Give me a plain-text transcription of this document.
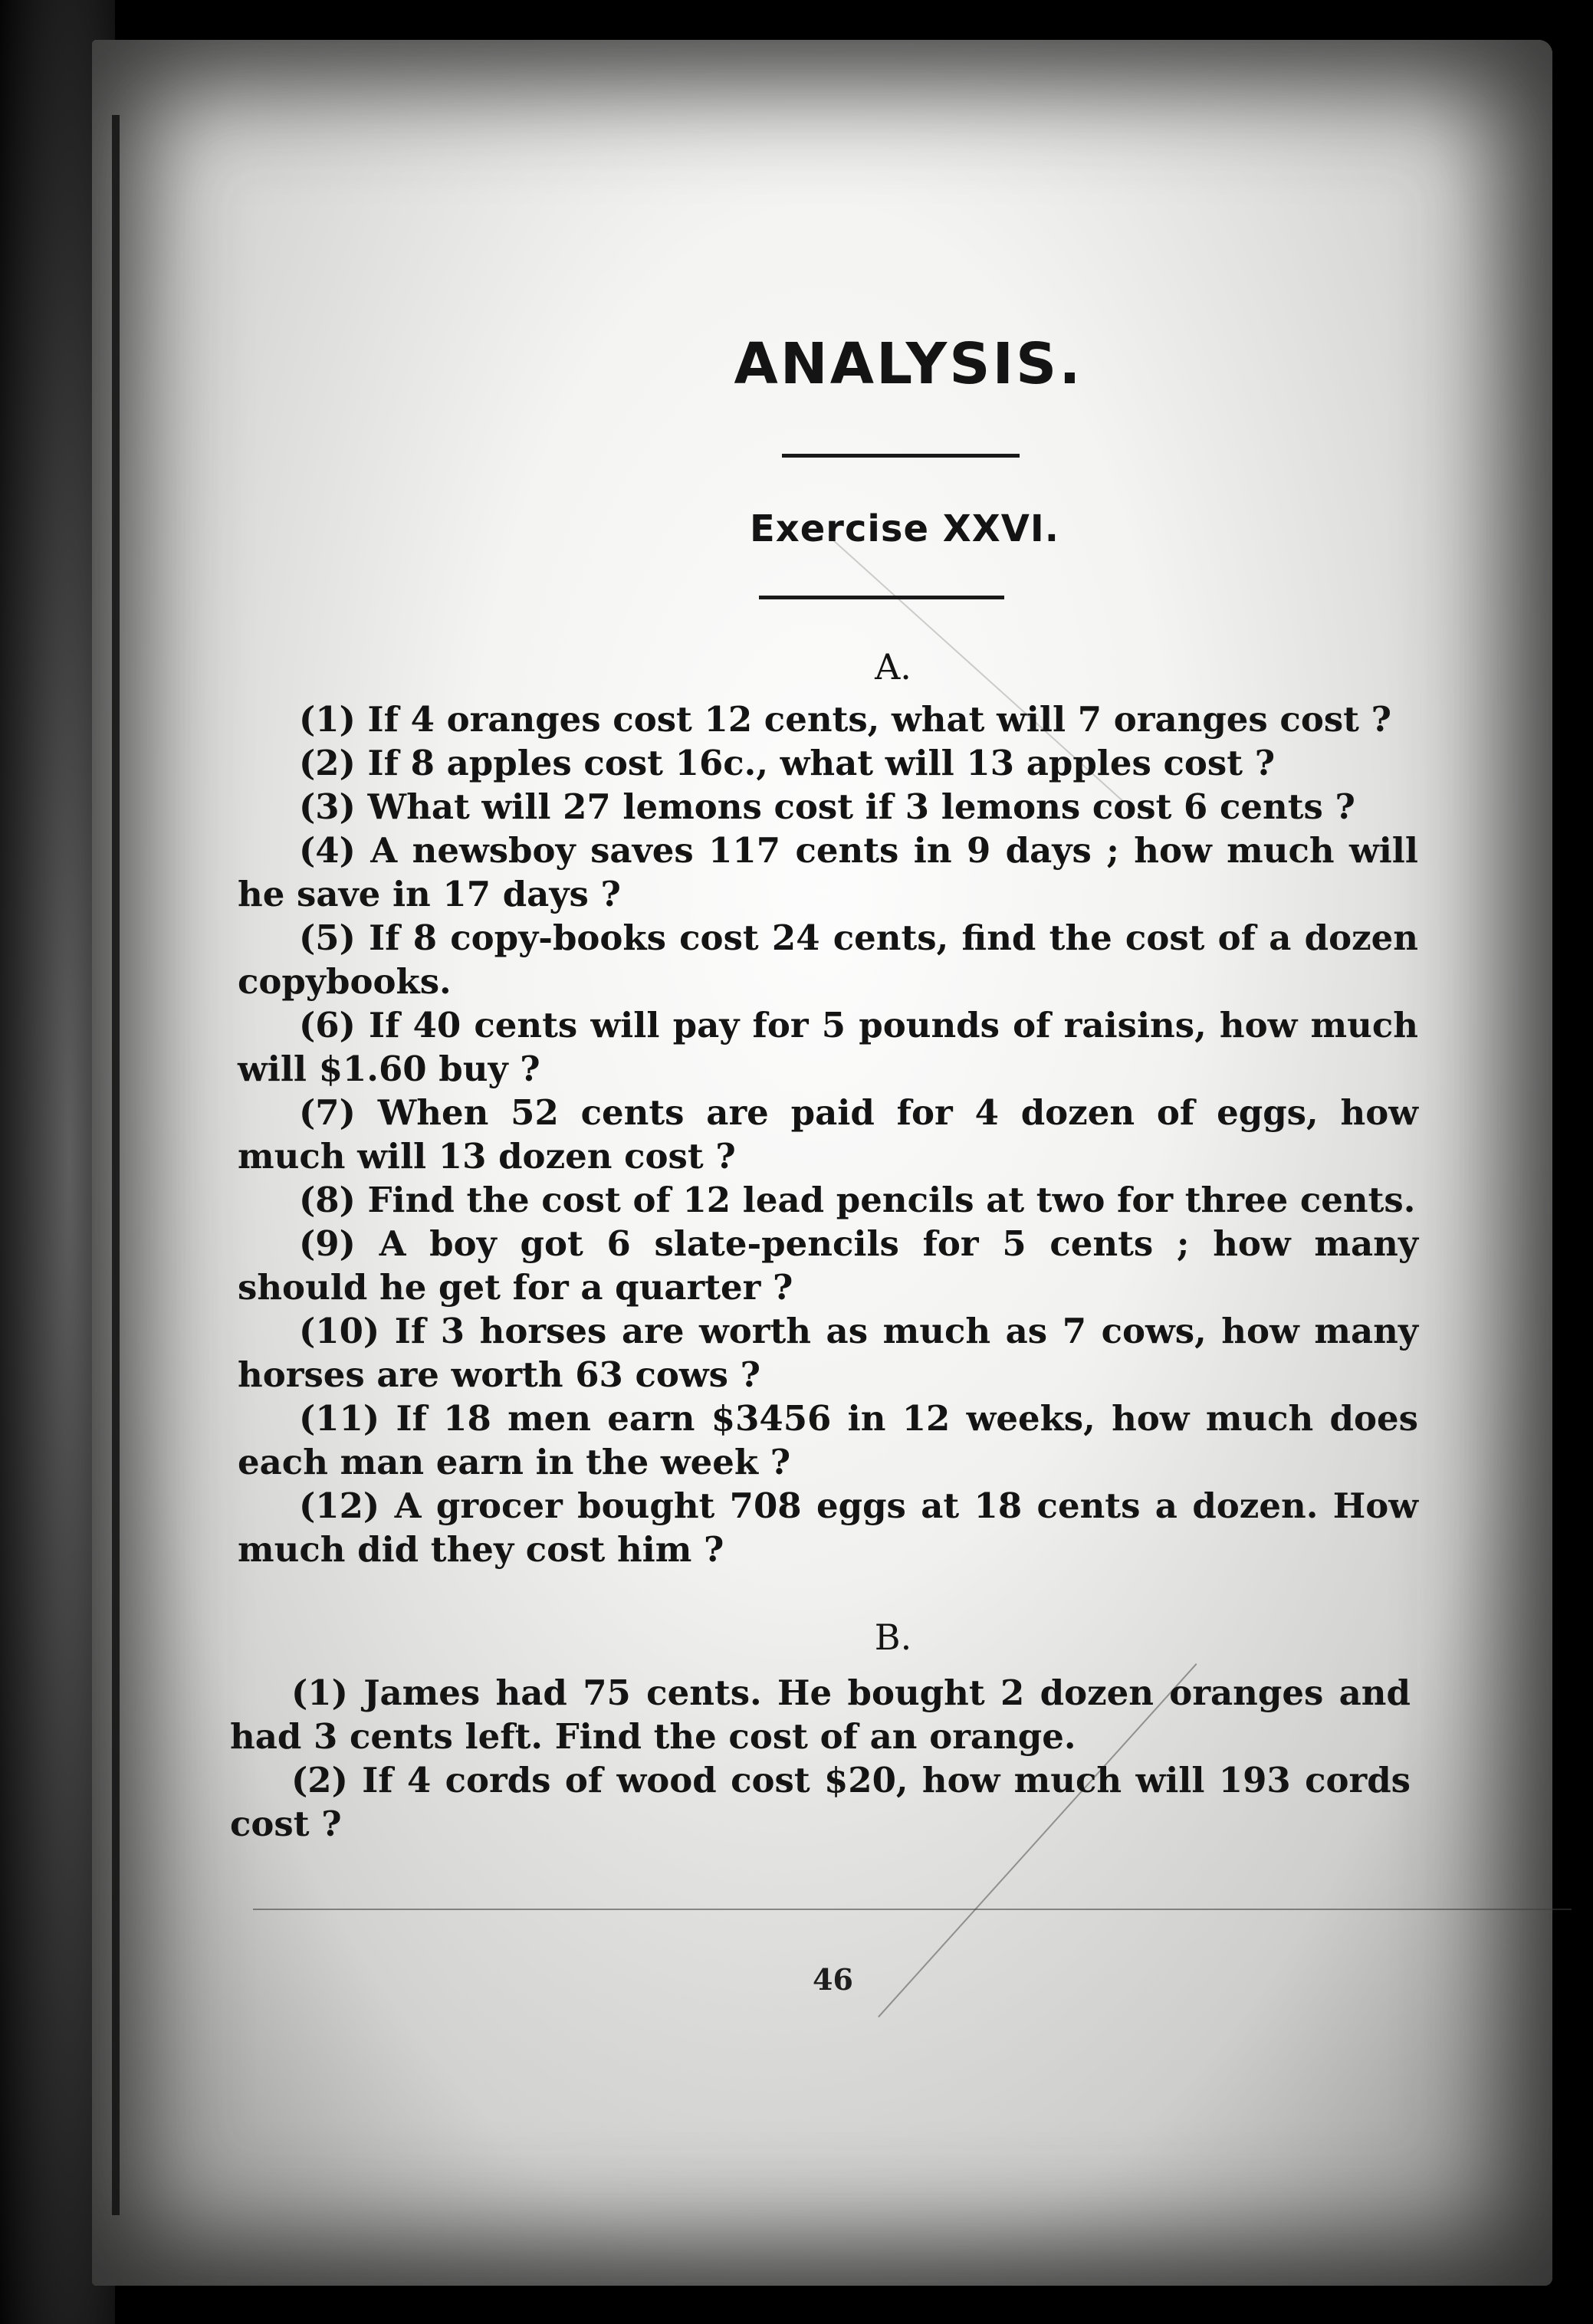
ANALYSIS.
Exercise XXVI.
A.

(1) If 4 oranges cost 12 cents, what will 7 oranges cost ?

(2) If 8 apples cost 16c., what will 13 apples cost ?

(3) What will 27 lemons cost if 3 lemons cost 6 cents ?

(4) A newsboy saves 117 cents in 9 days ; how much will he save in 17 days ?

(5) If 8 copy-books cost 24 cents, find the cost of a dozen copybooks.

(6) If 40 cents will pay for 5 pounds of raisins, how much will $1.60 buy ?

(7) When 52 cents are paid for 4 dozen of eggs, how much will 13 dozen cost ?

(8) Find the cost of 12 lead pencils at two for three cents.

(9) A boy got 6 slate-pencils for 5 cents ; how many should he get for a quarter ?

(10) If 3 horses are worth as much as 7 cows, how many horses are worth 63 cows ?

(11) If 18 men earn $3456 in 12 weeks, how much does each man earn in the week ?

(12) A grocer bought 708 eggs at 18 cents a dozen. How much did they cost him ?

B.

(1) James had 75 cents. He bought 2 dozen oranges and had 3 cents left. Find the cost of an orange.

(2) If 4 cords of wood cost $20, how much will 193 cords cost ?

46
